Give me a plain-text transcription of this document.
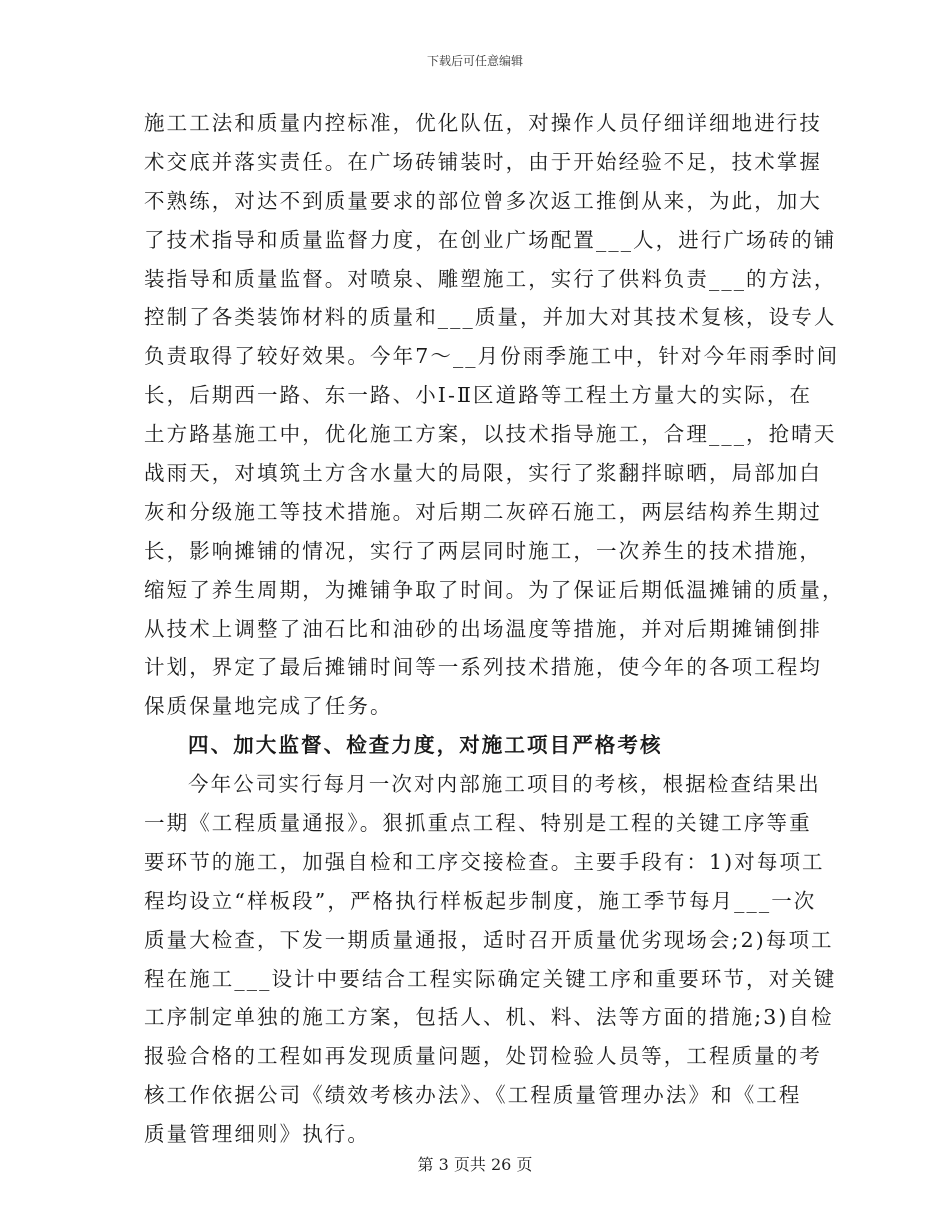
下载后可任意编辑
施工工法和质量内控标准，优化队伍，对操作人员仔细详细地进行技
术交底并落实责任。在广场砖铺装时，由于开始经验不足，技术掌握
不熟练，对达不到质量要求的部位曾多次返工推倒从来，为此，加大
了技术指导和质量监督力度，在创业广场配置___人，进行广场砖的铺
装指导和质量监督。对喷泉、雕塑施工，实行了供料负责___的方法，
控制了各类装饰材料的质量和___质量，并加大对其技术复核，设专人
负责取得了较好效果。今年7～__月份雨季施工中，针对今年雨季时间
长，后期西一路、东一路、小Ⅰ-Ⅱ区道路等工程土方量大的实际，在
土方路基施工中，优化施工方案，以技术指导施工，合理___，抢晴天
战雨天，对填筑土方含水量大的局限，实行了浆翻拌晾晒，局部加白
灰和分级施工等技术措施。对后期二灰碎石施工，两层结构养生期过
长，影响摊铺的情况，实行了两层同时施工，一次养生的技术措施，
缩短了养生周期，为摊铺争取了时间。为了保证后期低温摊铺的质量，
从技术上调整了油石比和油砂的出场温度等措施，并对后期摊铺倒排
计划，界定了最后摊铺时间等一系列技术措施，使今年的各项工程均
保质保量地完成了任务。
四、加大监督、检查力度，对施工项目严格考核
今年公司实行每月一次对内部施工项目的考核，根据检查结果出
一期《工程质量通报》。狠抓重点工程、特别是工程的关键工序等重
要环节的施工，加强自检和工序交接检查。主要手段有：1)对每项工
程均设立“样板段”，严格执行样板起步制度，施工季节每月___一次
质量大检查，下发一期质量通报，适时召开质量优劣现场会;2)每项工
程在施工___设计中要结合工程实际确定关键工序和重要环节，对关键
工序制定单独的施工方案，包括人、机、料、法等方面的措施;3)自检
报验合格的工程如再发现质量问题，处罚检验人员等，工程质量的考
核工作依据公司《绩效考核办法》、《工程质量管理办法》和《工程
质量管理细则》执行。
第 3 页共 26 页
